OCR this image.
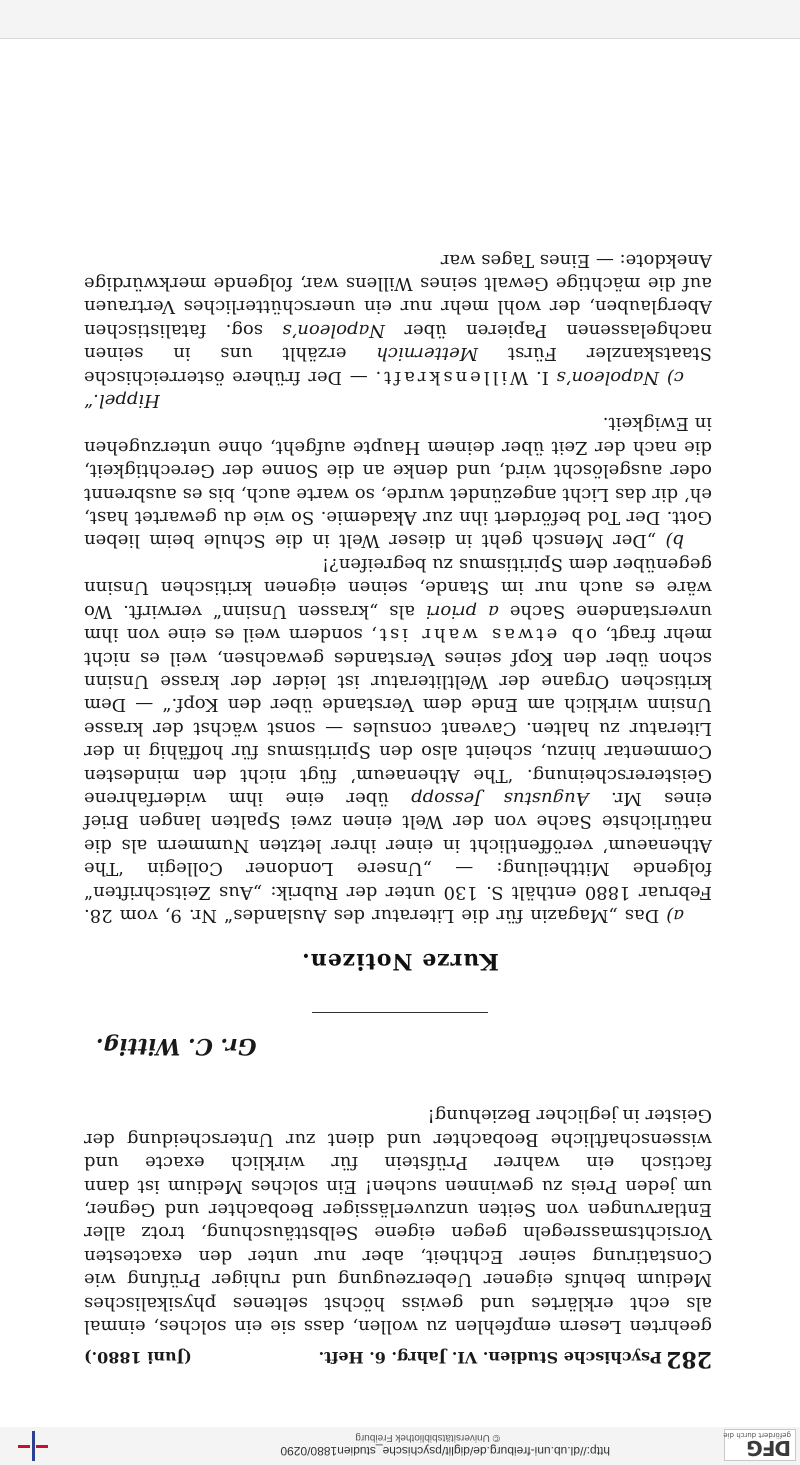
gefördert durch die
DFG
http://dl.ub.uni-freiburg.de/diglit/psychische_studien1880/0290
© Universitätsbibliothek Freiburg
282
Psychische Studien. VI. Jahrg. 6. Heft.
(Juni 1880.)

geehrten Lesern empfehlen zu wollen, dass sie ein solches, einmal als echt erklärtes und gewiss höchst seltenes physikalisches Medium behufs eigener Ueberzeugung und ruhiger Prüfung wie Constatirung seiner Echtheit, aber nur unter den exactesten Vorsichtsmassregeln gegen eigene Selbsttäuschung, trotz aller Entlarvungen von Seiten unzuverlässiger Beobachter und Gegner, um jeden Preis zu gewinnen suchen! Ein solches Medium ist dann factisch ein wahrer Prüfstein für wirklich exacte und wissenschaftliche Beobachter und dient zur Unterscheidung der Geister in jeglicher Beziehung!

Gr. C. Wittig.
Kurze Notizen.

a) Das „Magazin für die Literatur des Auslandes“ Nr. 9, vom 28. Februar 1880 enthält S. 130 unter der Rubrik: „Aus Zeitschriften“ folgende Mittheilung: — „Unsere Londoner Collegin ‘The Athenaeum’ veröffentlicht in einer ihrer letzten Nummern als die natürlichste Sache von der Welt einen zwei Spalten langen Brief eines Mr. Augustus Jessopp über eine ihm widerfahrene Geistererscheinung. ‘The Athenaeum’ fügt nicht den mindesten Commentar hinzu, scheint also den Spiritismus für hoffähig in der Literatur zu halten. Caveant consules — sonst wächst der krasse Unsinn wirklich am Ende dem Verstande über den Kopf.“ — Dem kritischen Organe der Weltliteratur ist leider der krasse Unsinn schon über den Kopf seines Verstandes gewachsen, weil es nicht mehr fragt, ob etwas wahr ist, sondern weil es eine von ihm unverstandene Sache a priori als „krassen Unsinn“ verwirft. Wo wäre es auch nur im Stande, seinen eigenen kritischen Unsinn gegenüber dem Spiritismus zu begreifen?!

b) „Der Mensch geht in dieser Welt in die Schule beim lieben Gott. Der Tod befördert ihn zur Akademie. So wie du gewartet hast, eh’ dir das Licht angezündet wurde, so warte auch, bis es ausbrennt oder ausgelöscht wird, und denke an die Sonne der Gerechtigkeit, die nach der Zeit über deinem Haupte aufgeht, ohne unterzugehen in Ewigkeit.

Hippel.“

c) Napoleon’s I. Willenskraft. — Der frühere österreichische Staatskanzler Fürst Metternich erzählt uns in seinen nachgelassenen Papieren über Napoleon’s sog. fatalistischen Aberglauben, der wohl mehr nur ein unerschütterliches Vertrauen auf die mächtige Gewalt seines Willens war, folgende merkwürdige Anekdote: — Eines Tages war
